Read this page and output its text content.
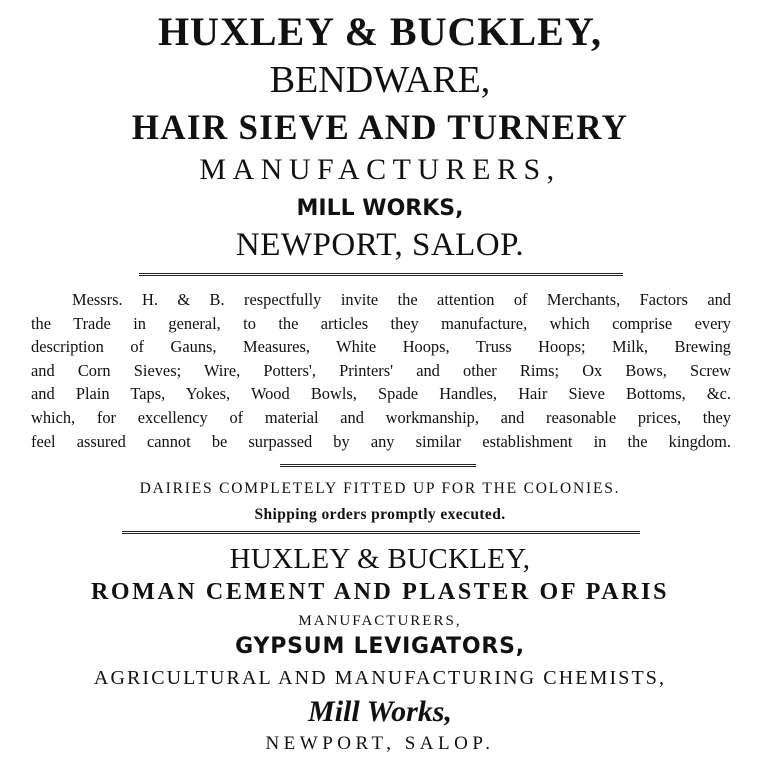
HUXLEY & BUCKLEY,
BENDWARE,
HAIR SIEVE AND TURNERY
MANUFACTURERS,
MILL WORKS,
NEWPORT, SALOP.
Messrs. H. & B. respectfully invite the attention of Merchants, Factors and
the Trade in general, to the articles they manufacture, which comprise every
description of Gauns, Measures, White Hoops, Truss Hoops; Milk, Brewing
and Corn Sieves; Wire, Potters', Printers' and other Rims; Ox Bows, Screw
and Plain Taps, Yokes, Wood Bowls, Spade Handles, Hair Sieve Bottoms, &c.
which, for excellency of material and workmanship, and reasonable prices, they
feel assured cannot be surpassed by any similar establishment in the kingdom.
DAIRIES COMPLETELY FITTED UP FOR THE COLONIES.
Shipping orders promptly executed.
HUXLEY & BUCKLEY,
ROMAN CEMENT AND PLASTER OF PARIS
MANUFACTURERS,
GYPSUM LEVIGATORS,
AGRICULTURAL AND MANUFACTURING CHEMISTS,
Mill Works,
NEWPORT, SALOP.
